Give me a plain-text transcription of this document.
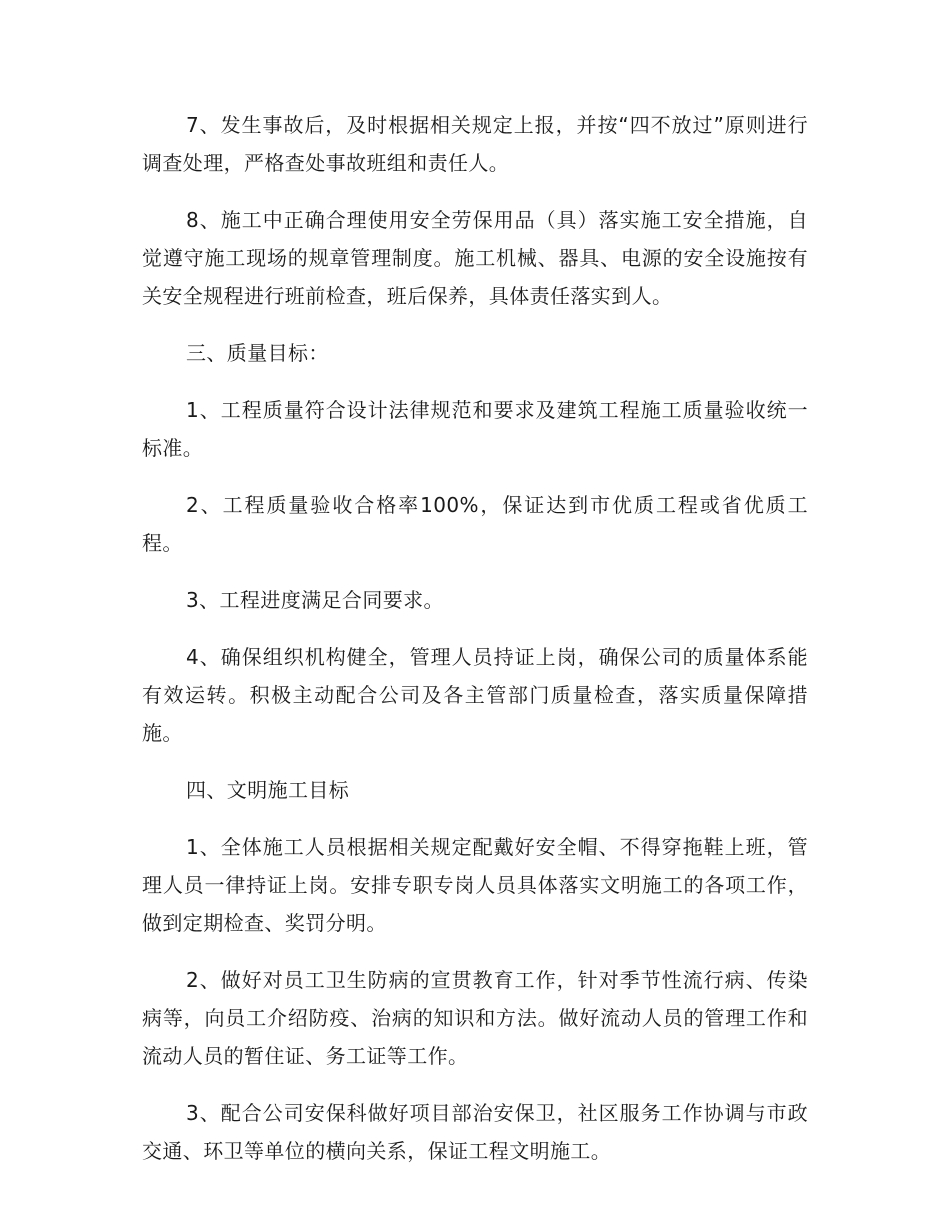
7、发生事故后，及时根据相关规定上报，并按“四不放过”原则进行调查处理，严格查处事故班组和责任人。

8、施工中正确合理使用安全劳保用品（具）落实施工安全措施，自觉遵守施工现场的规章管理制度。施工机械、器具、电源的安全设施按有关安全规程进行班前检查，班后保养，具体责任落实到人。

三、质量目标：

1、工程质量符合设计法律规范和要求及建筑工程施工质量验收统一标准。

2、工程质量验收合格率100%，保证达到市优质工程或省优质工程。

3、工程进度满足合同要求。

4、确保组织机构健全，管理人员持证上岗，确保公司的质量体系能有效运转。积极主动配合公司及各主管部门质量检查，落实质量保障措施。

四、文明施工目标

1、全体施工人员根据相关规定配戴好安全帽、不得穿拖鞋上班，管理人员一律持证上岗。安排专职专岗人员具体落实文明施工的各项工作，做到定期检查、奖罚分明。

2、做好对员工卫生防病的宣贯教育工作，针对季节性流行病、传染病等，向员工介绍防疫、治病的知识和方法。做好流动人员的管理工作和流动人员的暂住证、务工证等工作。

3、配合公司安保科做好项目部治安保卫，社区服务工作协调与市政交通、环卫等单位的横向关系，保证工程文明施工。
